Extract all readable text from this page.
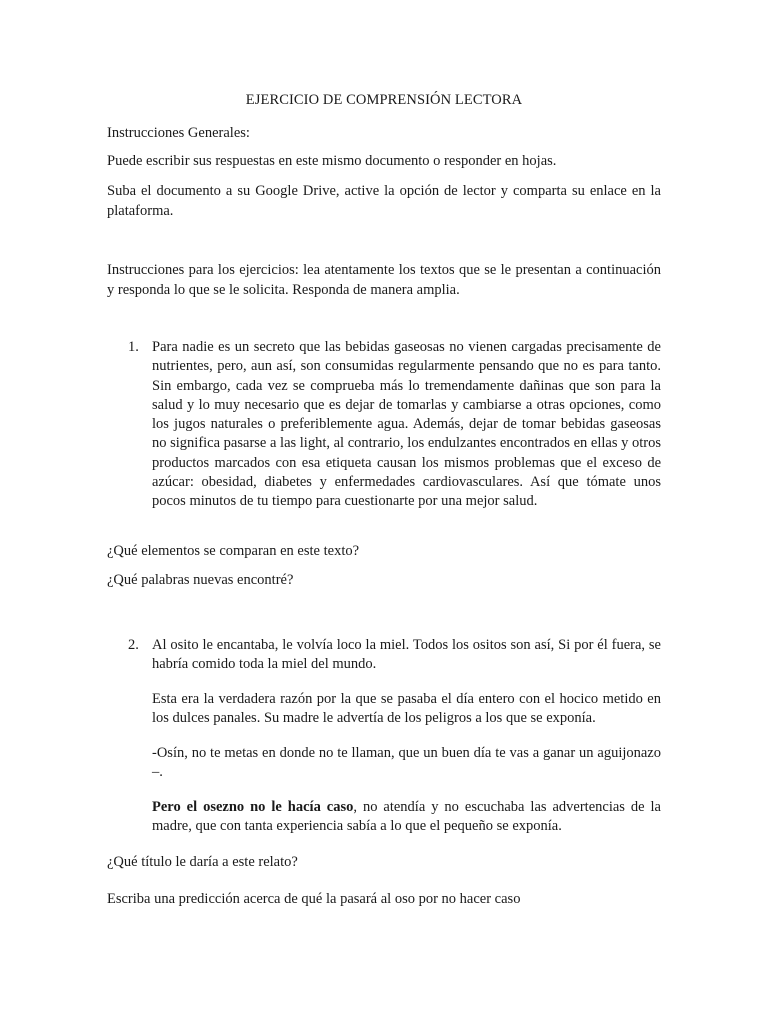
EJERCICIO DE COMPRENSIÓN LECTORA

Instrucciones Generales:

Puede escribir sus respuestas en este mismo documento o responder en hojas.

Suba el documento a su Google Drive, active la opción de lector y comparta su enlace en la plataforma.

Instrucciones para los ejercicios: lea atentamente los textos que se le presentan a continuación y responda lo que se le solicita. Responda de manera amplia.

1. Para nadie es un secreto que las bebidas gaseosas no vienen cargadas precisamente de nutrientes, pero, aun así, son consumidas regularmente pensando que no es para tanto. Sin embargo, cada vez se comprueba más lo tremendamente dañinas que son para la salud y lo muy necesario que es dejar de tomarlas y cambiarse a otras opciones, como los jugos naturales o preferiblemente agua. Además, dejar de tomar bebidas gaseosas no significa pasarse a las light, al contrario, los endulzantes encontrados en ellas y otros productos marcados con esa etiqueta causan los mismos problemas que el exceso de azúcar: obesidad, diabetes y enfermedades cardiovasculares. Así que tómate unos pocos minutos de tu tiempo para cuestionarte por una mejor salud.

¿Qué elementos se comparan en este texto?

¿Qué palabras nuevas encontré?

2. Al osito le encantaba, le volvía loco la miel. Todos los ositos son así, Si por él fuera, se habría comido toda la miel del mundo.
Esta era la verdadera razón por la que se pasaba el día entero con el hocico metido en los dulces panales. Su madre le advertía de los peligros a los que se exponía.
-Osín, no te metas en donde no te llaman, que un buen día te vas a ganar un aguijonazo –.
Pero el osezno no le hacía caso, no atendía y no escuchaba las advertencias de la madre, que con tanta experiencia sabía a lo que el pequeño se exponía.

¿Qué título le daría a este relato?

Escriba una predicción acerca de qué la pasará al oso por no hacer caso
